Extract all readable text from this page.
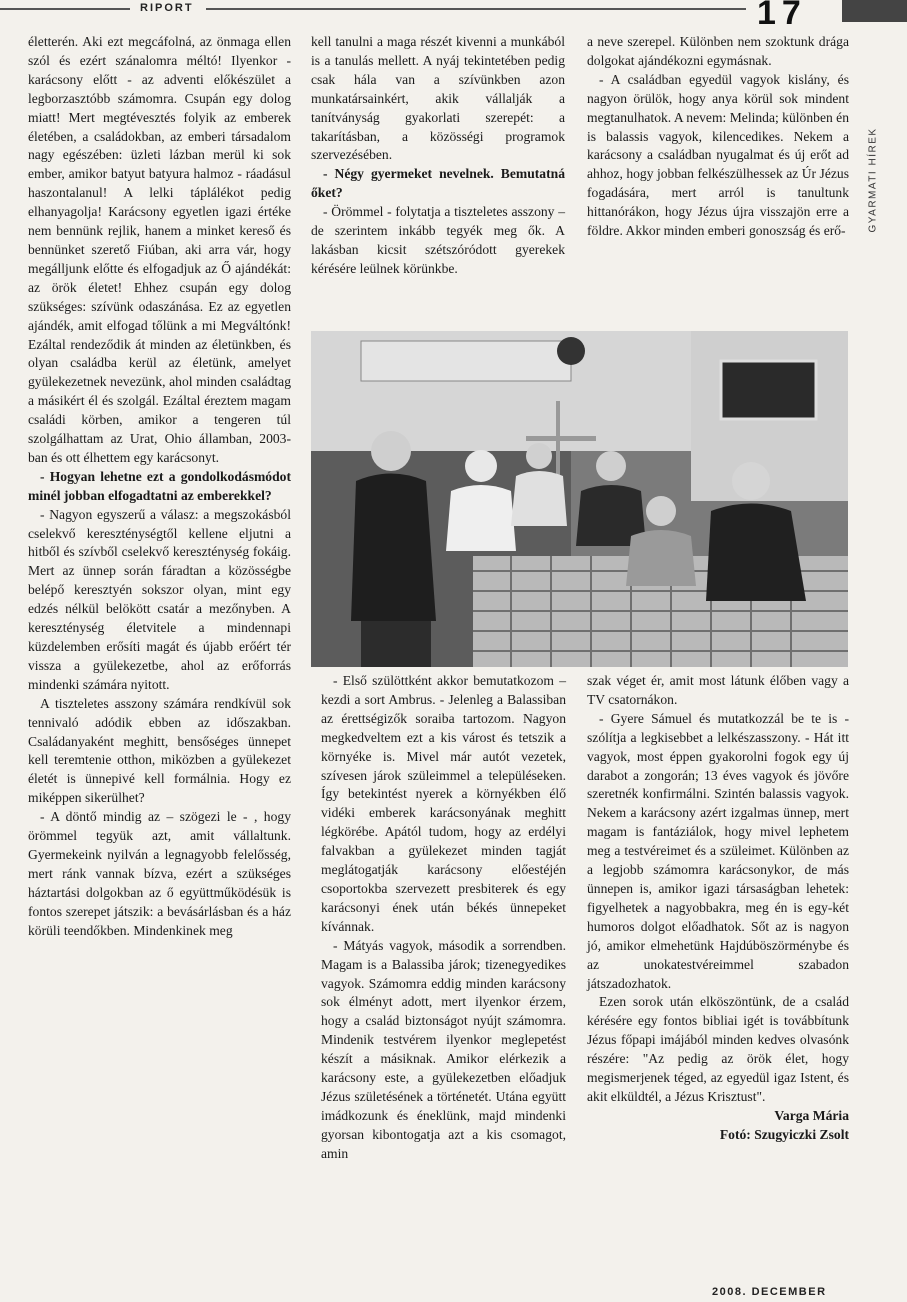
RIPORT	17
GYARMATI HÍREK

életterén. Aki ezt megcáfolná, az önmaga ellen szól és ezért szánalomra méltó! Ilyenkor - karácsony előtt - az adventi előkészület a legborzasztóbb számomra. Csupán egy dolog miatt! Mert megtévesztés folyik az emberek életében, a családokban, az emberi társadalom nagy egészében: üzleti lázban merül ki sok ember, amikor batyut batyura halmoz - ráadásul haszontalanul! A lelki táplálékot pedig elhanyagolja! Karácsony egyetlen igazi értéke nem bennünk rejlik, hanem a minket kereső és bennünket szerető Fiúban, aki arra vár, hogy megálljunk előtte és elfogadjuk az Ő ajándékát: az örök életet! Ehhez csupán egy dolog szükséges: szívünk odaszánása. Ez az egyetlen ajándék, amit elfogad tőlünk a mi Megváltónk! Ezáltal rendeződik át minden az életünkben, és olyan családba kerül az életünk, amelyet gyülekezetnek nevezünk, ahol minden családtag a másikért él és szolgál. Ezáltal éreztem magam családi körben, amikor a tengeren túl szolgálhattam az Urat, Ohio államban, 2003-ban és ott élhettem egy karácsonyt.

- Hogyan lehetne ezt a gondolkodásmódot minél jobban elfogadtatni az emberekkel?

- Nagyon egyszerű a válasz: a megszokásból cselekvő kereszténységtől kellene eljutni a hitből és szívből cselekvő kereszténység fokáig. Mert az ünnep során fáradtan a közösségbe belépő keresztyén sokszor olyan, mint egy edzés nélkül belökött csatár a mezőnyben. A kereszténység életvitele a mindennapi küzdelemben erősíti magát és újabb erőért tér vissza a gyülekezetbe, ahol az erőforrás mindenki számára nyitott.

A tiszteletes asszony számára rendkívül sok tennivaló adódik ebben az időszakban. Családanyaként meghitt, bensőséges ünnepet kell teremtenie otthon, miközben a gyülekezet életét is ünnepivé kell formálnia. Hogy ez miképpen sikerülhet?

- A döntő mindig az – szögezi le - , hogy örömmel tegyük azt, amit vállaltunk. Gyermekeink nyilván a legnagyobb felelősség, mert ránk vannak bízva, ezért a szükséges háztartási dolgokban az ő együttműködésük is fontos szerepet játszik: a bevásárlásban és a ház körüli teendőkben. Mindenkinek meg

kell tanulni a maga részét kivenni a munkából is a tanulás mellett. A nyáj tekintetében pedig csak hála van a szívünkben azon munkatársainkért, akik vállalják a tanítványság gyakorlati szerepét: a takarításban, a közösségi programok szervezésében.

- Négy gyermeket nevelnek. Bemutatná őket?

- Örömmel - folytatja a tiszteletes asszony – de szerintem inkább tegyék meg ők. A lakásban kicsit szétszóródott gyerekek kérésére leülnek körünkbe.

a neve szerepel. Különben nem szoktunk drága dolgokat ajándékozni egymásnak.

- A családban egyedül vagyok kislány, és nagyon örülök, hogy anya körül sok mindent megtanulhatok. A nevem: Melinda; különben én is balassis vagyok, kilencedikes. Nekem a karácsony a családban nyugalmat és új erőt ad ahhoz, hogy jobban felkészülhessek az Úr Jézus fogadására, mert arról is tanultunk hittanórákon, hogy Jézus újra visszajön erre a földre. Akkor minden emberi gonoszság és erő-

- Első szülöttként akkor bemutatkozom – kezdi a sort Ambrus. - Jelenleg a Balassiban az érettségizők soraiba tartozom. Nagyon megkedveltem ezt a kis várost és tetszik a környéke is. Mivel már autót vezetek, szívesen járok szüleimmel a településeken. Így betekintést nyerek a környékben élő vidéki emberek karácsonyának meghitt légkörébe. Apától tudom, hogy az erdélyi falvakban a gyülekezet minden tagját meglátogatják karácsony előestéjén csoportokba szervezett presbiterek és egy karácsonyi ének után békés ünnepeket kívánnak.

- Mátyás vagyok, második a sorrendben. Magam is a Balassiba járok; tizenegyedikes vagyok. Számomra eddig minden karácsony sok élményt adott, mert ilyenkor érzem, hogy a család biztonságot nyújt számomra. Mindenik testvérem ilyenkor meglepetést készít a másiknak. Amikor elérkezik a karácsony este, a gyülekezetben előadjuk Jézus születésének a történetét. Utána együtt imádkozunk és éneklünk, majd mindenki gyorsan kibontogatja azt a kis csomagot, amin

szak véget ér, amit most látunk élőben vagy a TV csatornákon.

- Gyere Sámuel és mutatkozzál be te is - szólítja a legkisebbet a lelkészasszony. - Hát itt vagyok, most éppen gyakorolni fogok egy új darabot a zongorán; 13 éves vagyok és jövőre szeretnék konfirmálni. Szintén balassis vagyok. Nekem a karácsony azért izgalmas ünnep, mert magam is fantáziálok, hogy mivel lephetem meg a testvéreimet és a szüleimet. Különben az a legjobb számomra karácsonykor, de más ünnepen is, amikor igazi társaságban lehetek: figyelhetek a nagyobbakra, meg én is egy-két humoros dolgot előadhatok. Sőt az is nagyon jó, amikor elmehetünk Hajdúböszörménybe és az unokatestvéreimmel szabadon játszadozhatok.

Ezen sorok után elköszöntünk, de a család kérésére egy fontos bibliai igét is továbbítunk Jézus főpapi imájából minden kedves olvasónk részére: "Az pedig az örök élet, hogy megismerjenek téged, az egyedül igaz Istent, és akit elküldtél, a Jézus Krisztust".

Varga Mária

Fotó: Szugyiczki Zsolt

2008. DECEMBER
